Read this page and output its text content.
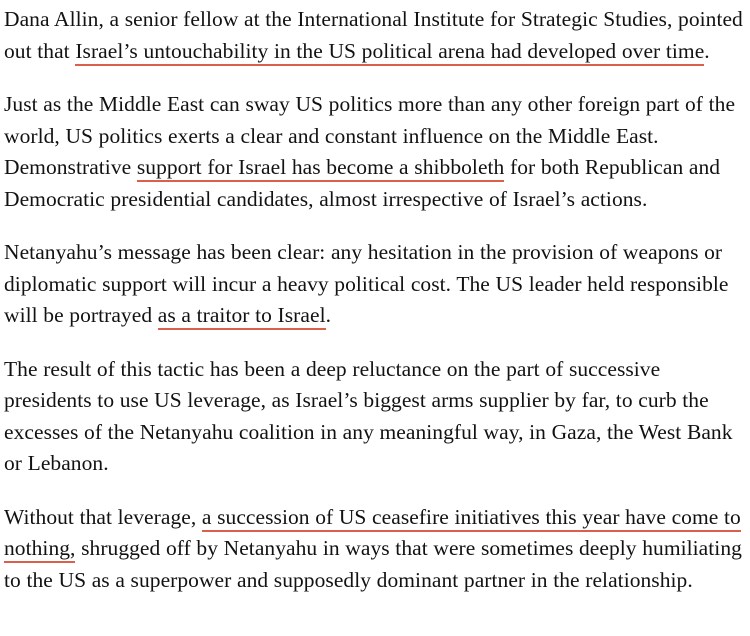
Dana Allin, a senior fellow at the International Institute for Strategic Studies, pointed out that Israel’s untouchability in the US political arena had developed over time.

Just as the Middle East can sway US politics more than any other foreign part of the world, US politics exerts a clear and constant influence on the Middle East. Demonstrative support for Israel has become a shibboleth for both Republican and Democratic presidential candidates, almost irrespective of Israel’s actions.

Netanyahu’s message has been clear: any hesitation in the provision of weapons or diplomatic support will incur a heavy political cost. The US leader held responsible will be portrayed as a traitor to Israel.

The result of this tactic has been a deep reluctance on the part of successive presidents to use US leverage, as Israel’s biggest arms supplier by far, to curb the excesses of the Netanyahu coalition in any meaningful way, in Gaza, the West Bank or Lebanon.

Without that leverage, a succession of US ceasefire initiatives this year have come to nothing, shrugged off by Netanyahu in ways that were sometimes deeply humiliating to the US as a superpower and supposedly dominant partner in the relationship.
